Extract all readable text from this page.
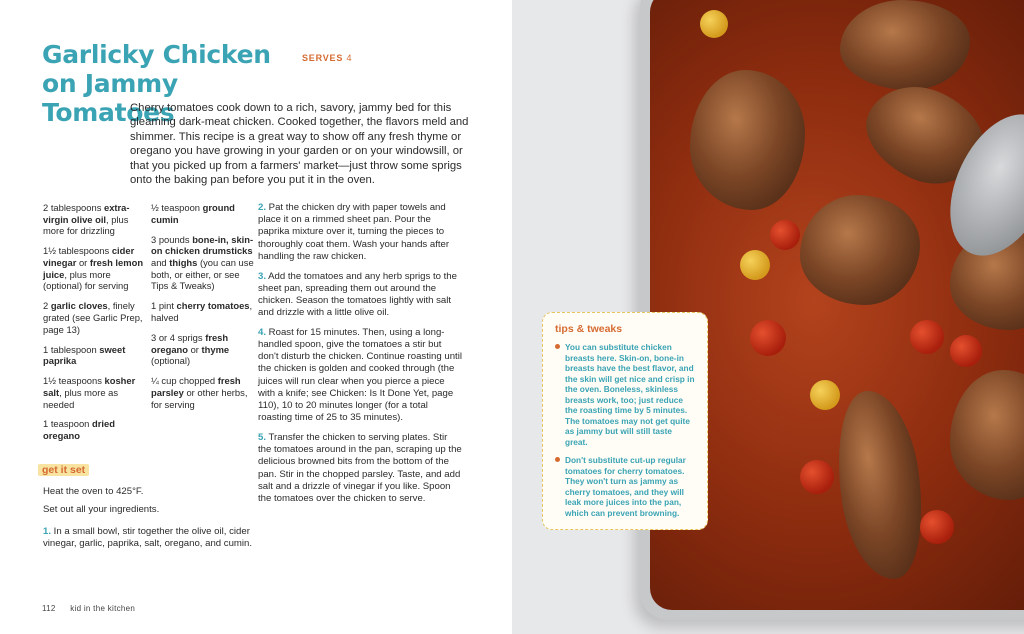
Garlicky Chicken
on Jammy Tomatoes
SERVES 4

Cherry tomatoes cook down to a rich, savory, jammy bed for this gleaming dark-meat chicken. Cooked together, the flavors meld and shimmer. This recipe is a great way to show off any fresh thyme or oregano you have growing in your garden or on your windowsill, or that you picked up from a farmers' market—just throw some sprigs onto the baking pan before you put it in the oven.

2 tablespoons extra-virgin olive oil, plus more for drizzling
1½ tablespoons cider vinegar or fresh lemon juice, plus more (optional) for serving
2 garlic cloves, finely grated (see Garlic Prep, page 13)
1 tablespoon sweet paprika
1½ teaspoons kosher salt, plus more as needed
1 teaspoon dried oregano
½ teaspoon ground cumin
3 pounds bone-in, skin-on chicken drumsticks and thighs (you can use both, or either, or see Tips & Tweaks)
1 pint cherry tomatoes, halved
3 or 4 sprigs fresh oregano or thyme (optional)
¼ cup chopped fresh parsley or other herbs, for serving
get it set

Heat the oven to 425°F.

Set out all your ingredients.

1. In a small bowl, stir together the olive oil, cider vinegar, garlic, paprika, salt, oregano, and cumin.

2. Pat the chicken dry with paper towels and place it on a rimmed sheet pan. Pour the paprika mixture over it, turning the pieces to thoroughly coat them. Wash your hands after handling the raw chicken.

3. Add the tomatoes and any herb sprigs to the sheet pan, spreading them out around the chicken. Season the tomatoes lightly with salt and drizzle with a little olive oil.

4. Roast for 15 minutes. Then, using a long-handled spoon, give the tomatoes a stir but don't disturb the chicken. Continue roasting until the chicken is golden and cooked through (the juices will run clear when you pierce a piece with a knife; see Chicken: Is It Done Yet, page 110), 10 to 20 minutes longer (for a total roasting time of 25 to 35 minutes).

5. Transfer the chicken to serving plates. Stir the tomatoes around in the pan, scraping up the delicious browned bits from the bottom of the pan. Stir in the chopped parsley. Taste, and add salt and a drizzle of vinegar if you like. Spoon the tomatoes over the chicken to serve.

112 kid in the kitchen
tips & tweaks

You can substitute chicken breasts here. Skin-on, bone-in breasts have the best flavor, and the skin will get nice and crisp in the oven. Boneless, skinless breasts work, too; just reduce the roasting time by 5 minutes. The tomatoes may not get quite as jammy but will still taste great.

Don't substitute cut-up regular tomatoes for cherry tomatoes. They won't turn as jammy as cherry tomatoes, and they will leak more juices into the pan, which can prevent browning.
